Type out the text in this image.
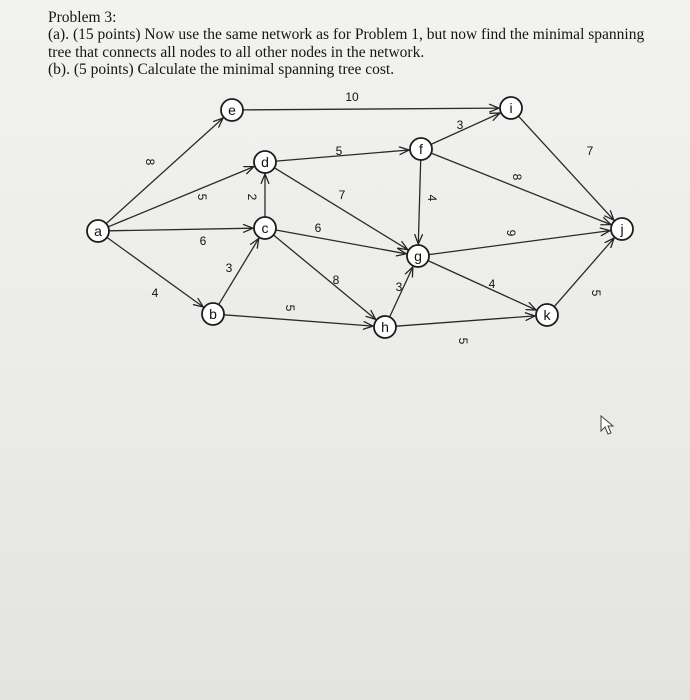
Problem 3:
(a). (15 points) Now use the same network as for Problem 1, but now find the minimal spanning
tree that connects all nodes to all other nodes in the network.
(b). (5 points) Calculate the minimal spanning tree cost.
8
5
6
4
3
2
5
10
5
7
6
8
4
3
8
7
9
4
3
5
5
a
b
c
d
e
f
g
h
i
j
k
